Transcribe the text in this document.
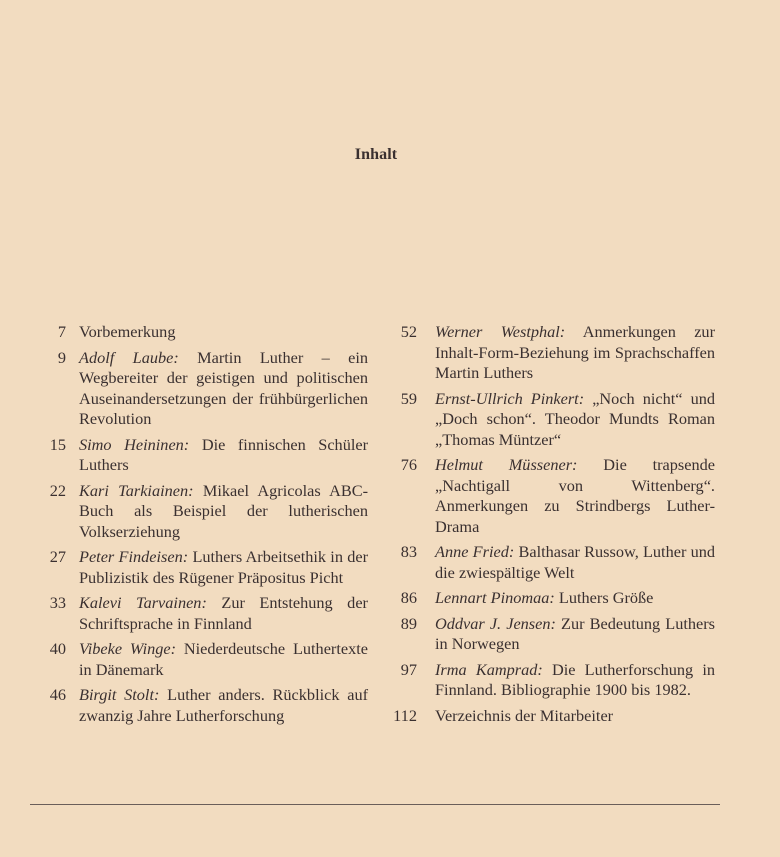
Inhalt
7 Vorbemerkung
9 Adolf Laube: Martin Luther – ein Wegbereiter der geistigen und politischen Auseinandersetzungen der frühbürgerlichen Revolution
15 Simo Heininen: Die finnischen Schüler Luthers
22 Kari Tarkiainen: Mikael Agricolas ABC-Buch als Beispiel der lutherischen Volkserziehung
27 Peter Findeisen: Luthers Arbeitsethik in der Publizistik des Rügener Präpositus Picht
33 Kalevi Tarvainen: Zur Entstehung der Schriftsprache in Finnland
40 Vibeke Winge: Niederdeutsche Luthertexte in Dänemark
46 Birgit Stolt: Luther anders. Rückblick auf zwanzig Jahre Lutherforschung
52 Werner Westphal: Anmerkungen zur Inhalt-Form-Beziehung im Sprachschaffen Martin Luthers
59 Ernst-Ullrich Pinkert: „Noch nicht“ und „Doch schon“. Theodor Mundts Roman „Thomas Müntzer“
76 Helmut Müssener: Die trapsende „Nachtigall von Wittenberg“. Anmerkungen zu Strindbergs Luther-Drama
83 Anne Fried: Balthasar Russow, Luther und die zwiespältige Welt
86 Lennart Pinomaa: Luthers Größe
89 Oddvar J. Jensen: Zur Bedeutung Luthers in Norwegen
97 Irma Kamprad: Die Lutherforschung in Finnland. Bibliographie 1900 bis 1982.
112 Verzeichnis der Mitarbeiter
